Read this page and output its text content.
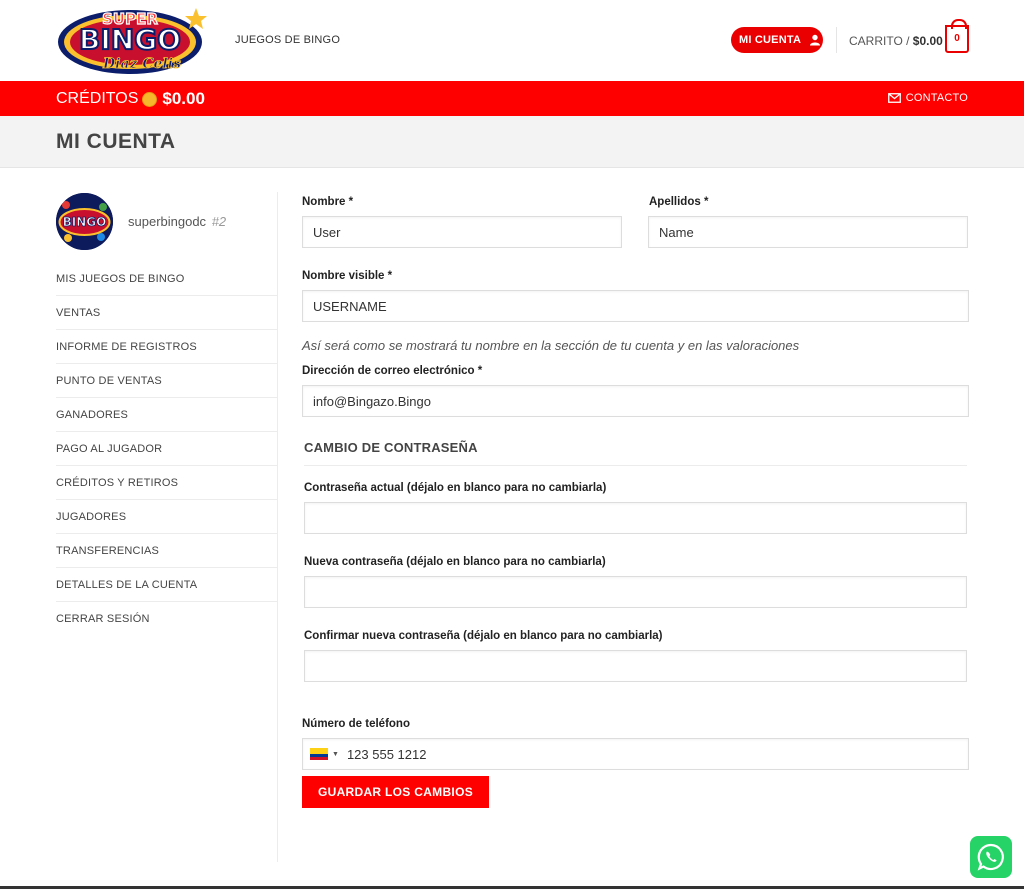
SUPER
BINGO
Diaz Celis
JUEGOS DE BINGO	MI CUENTA	CARRITO / $0.00	0
CRÉDITOS $0.00	CONTACTO
MI CUENTA
BINGO superbingodc #2
MIS JUEGOS DE BINGO
VENTAS
INFORME DE REGISTROS
PUNTO DE VENTAS
GANADORES
PAGO AL JUGADOR
CRÉDITOS Y RETIROS
JUGADORES
TRANSFERENCIAS
DETALLES DE LA CUENTA
CERRAR SESIÓN
Nombre *
User
Apellidos *
Name
Nombre visible *
USERNAME
Así será como se mostrará tu nombre en la sección de tu cuenta y en las valoraciones
Dirección de correo electrónico *
info@Bingazo.Bingo
CAMBIO DE CONTRASEÑA
Contraseña actual (déjalo en blanco para no cambiarla)
Nueva contraseña (déjalo en blanco para no cambiarla)
Confirmar nueva contraseña (déjalo en blanco para no cambiarla)
Número de teléfono
▼ 123 555 1212
GUARDAR LOS CAMBIOS
